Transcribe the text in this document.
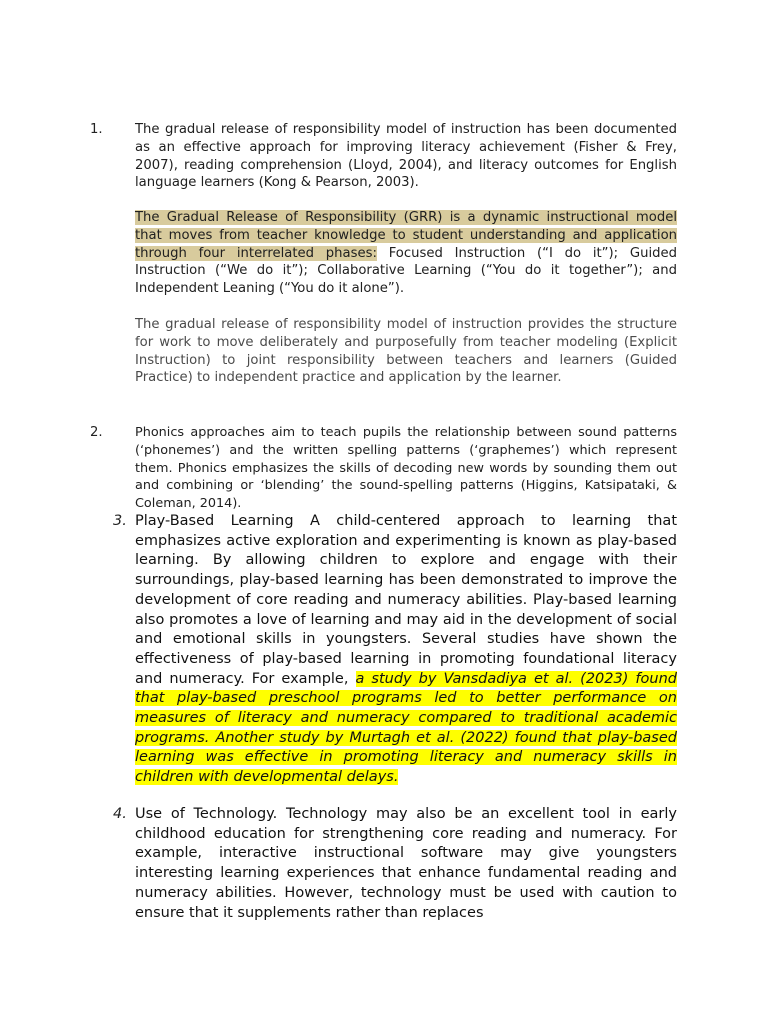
1. The gradual release of responsibility model of instruction has been documented as an effective approach for improving literacy achievement (Fisher & Frey, 2007), reading comprehension (Lloyd, 2004), and literacy outcomes for English language learners (Kong & Pearson, 2003).

The Gradual Release of Responsibility (GRR) is a dynamic instructional model that moves from teacher knowledge to student understanding and application through four interrelated phases: Focused Instruction (“I do it”); Guided Instruction (“We do it”); Collaborative Learning (“You do it together”); and Independent Leaning (“You do it alone”).

The gradual release of responsibility model of instruction provides the structure for work to move deliberately and purposefully from teacher modeling (Explicit Instruction) to joint responsibility between teachers and learners (Guided Practice) to independent practice and application by the learner.

2.	Phonics approaches aim to teach pupils the relationship between sound patterns (‘phonemes’) and the written spelling patterns (‘graphemes’) which represent them. Phonics emphasizes the skills of decoding new words by sounding them out and combining or ‘blending’ the sound-spelling patterns (Higgins, Katsipataki, & Coleman, 2014).

3. Play-Based Learning A child-centered approach to learning that emphasizes active exploration and experimenting is known as play-based learning. By allowing children to explore and engage with their surroundings, play-based learning has been demonstrated to improve the development of core reading and numeracy abilities. Play-based learning also promotes a love of learning and may aid in the development of social and emotional skills in youngsters. Several studies have shown the effectiveness of play-based learning in promoting foundational literacy and numeracy. For example, a study by Vansdadiya et al. (2023) found that play-based preschool programs led to better performance on measures of literacy and numeracy compared to traditional academic programs. Another study by Murtagh et al. (2022) found that play-based learning was effective in promoting literacy and numeracy skills in children with developmental delays.

4. Use of Technology. Technology may also be an excellent tool in early childhood education for strengthening core reading and numeracy. For example, interactive instructional software may give youngsters interesting learning experiences that enhance fundamental reading and numeracy abilities. However, technology must be used with caution to ensure that it supplements rather than replaces
